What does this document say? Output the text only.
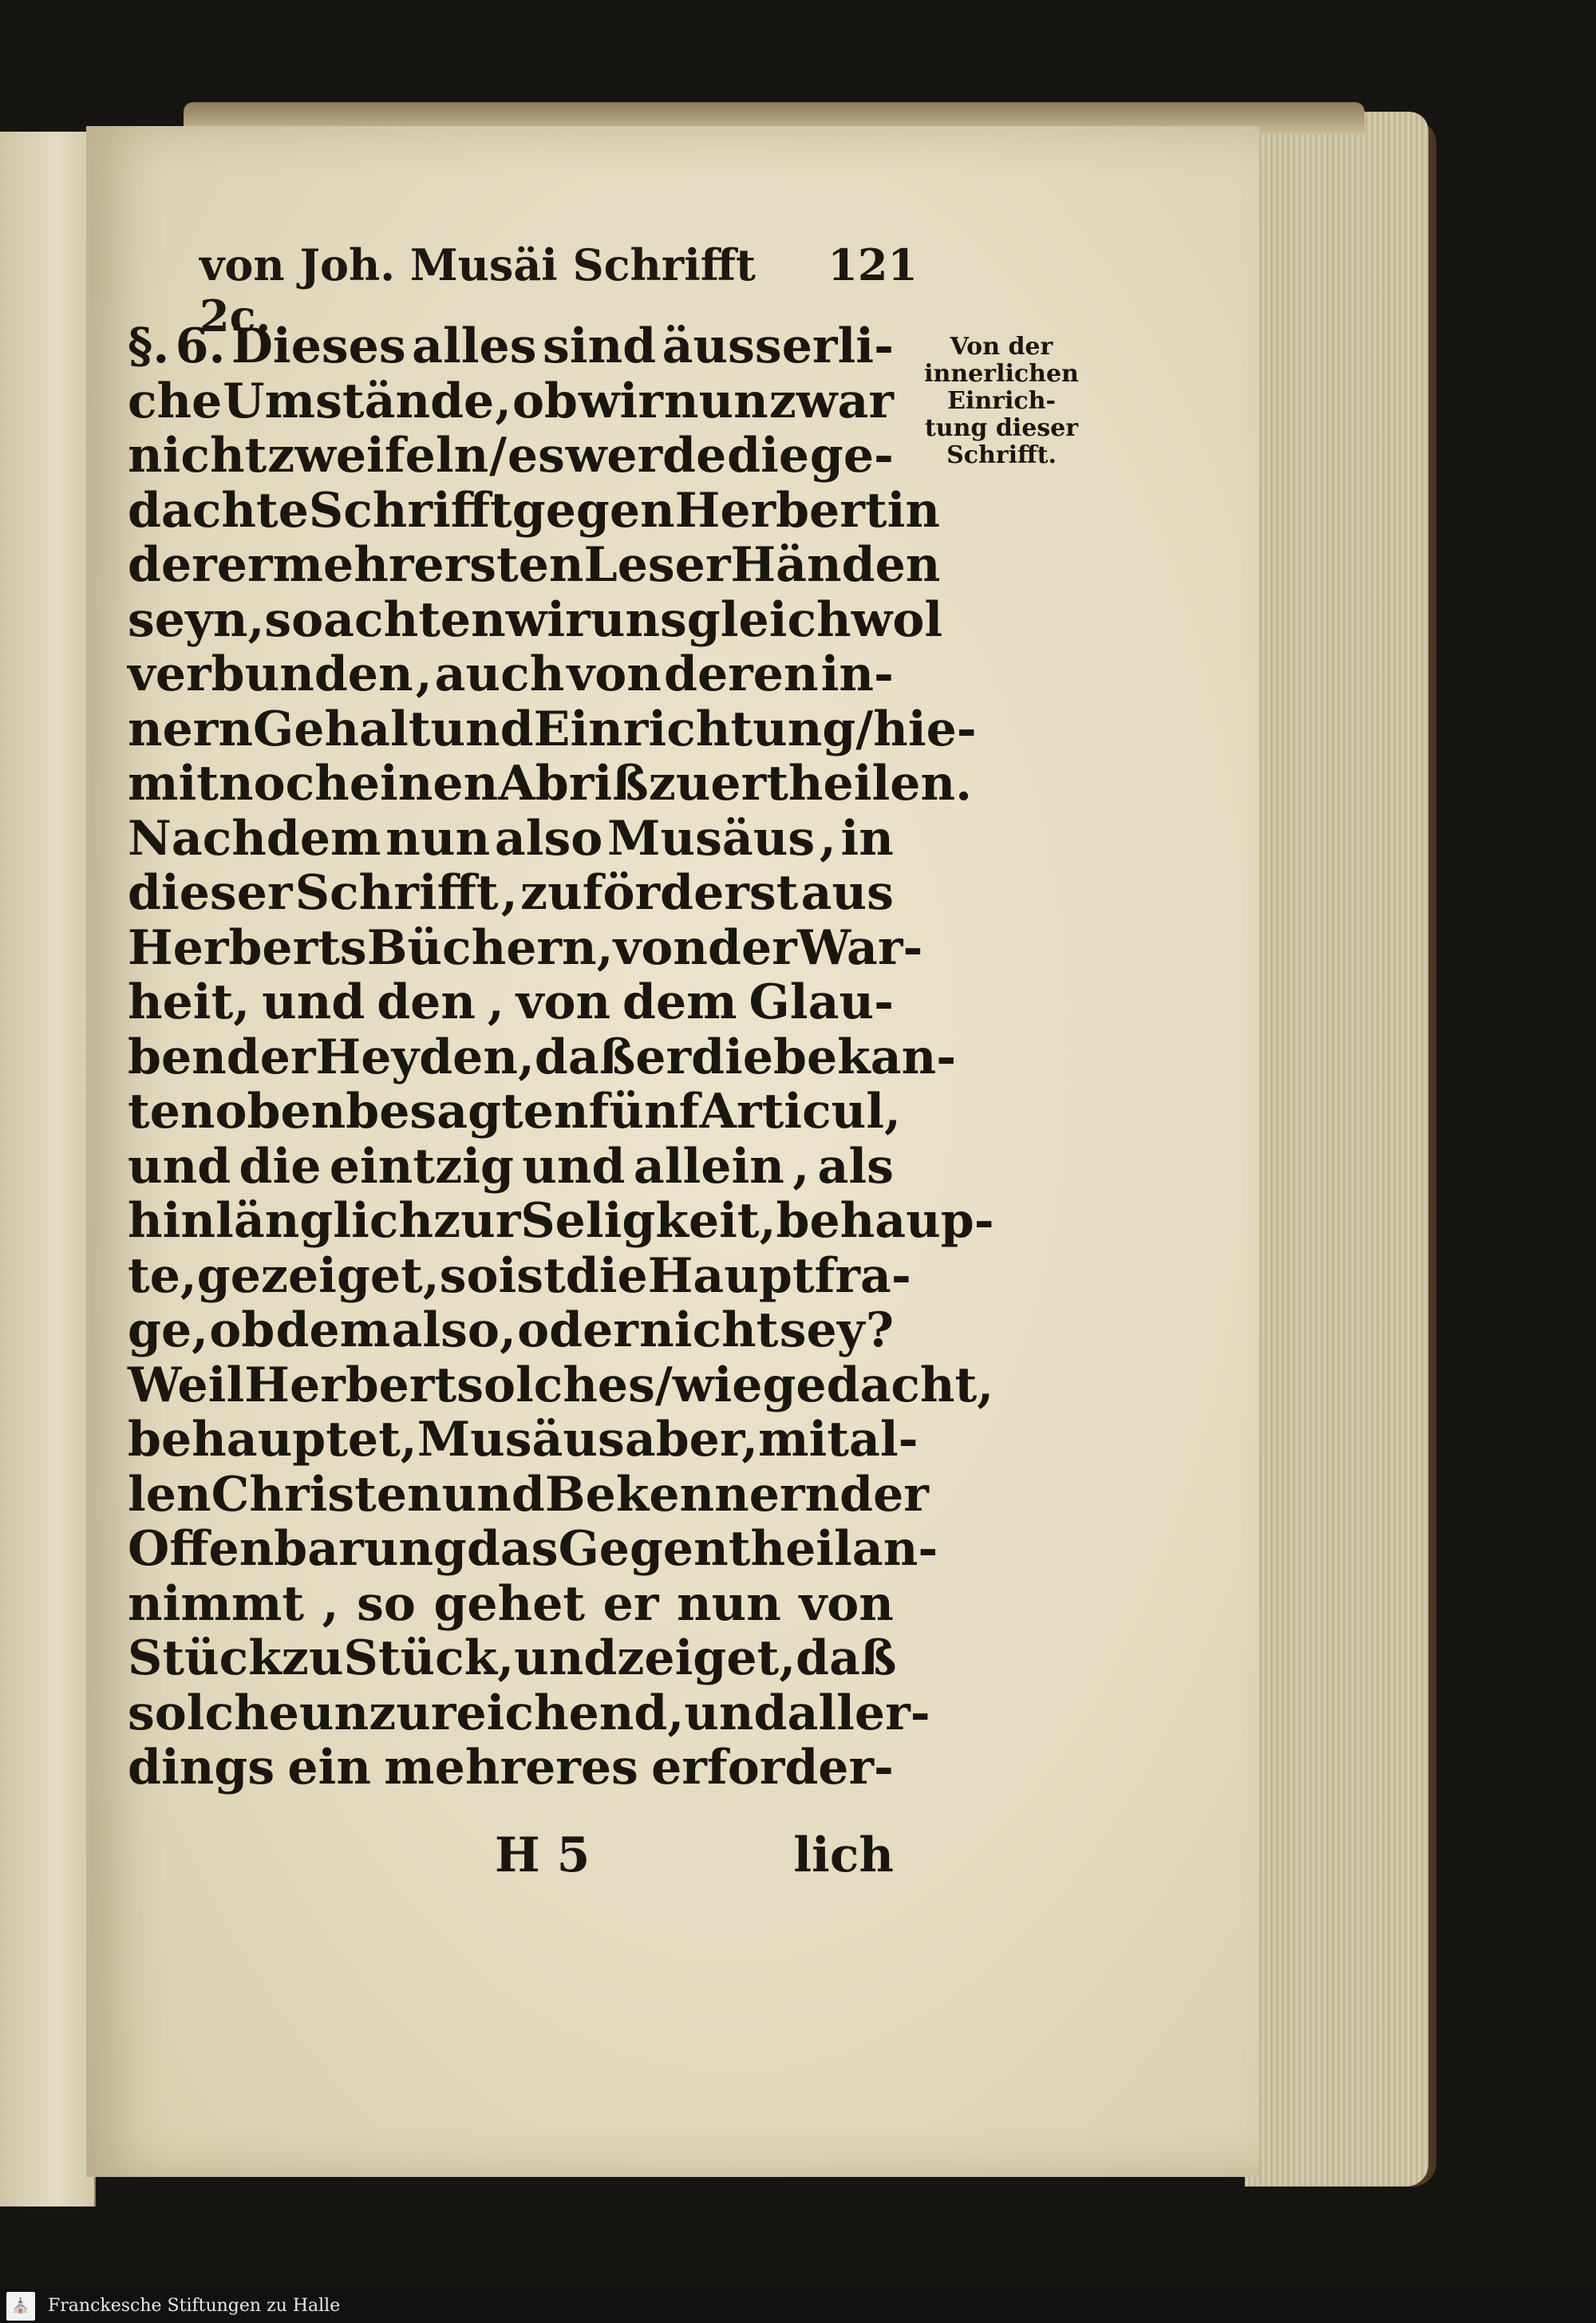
von Joh. Musäi Schrifft 2c.
121
§. 6. Dieses alles sind äusserli-
che Umstände , ob wir nun zwar
nicht zweifeln / es werde die ge-
dachte Schrifft gegen Herbert in
derer mehrersten Leser Händen
seyn , so achten wir uns gleichwol
verbunden , auch von deren in-
nern Gehalt und Einrichtung / hie-
mit noch einen Abriß zu ertheilen.
Nachdem nun also Musäus , in
dieser Schrifft , zuförderst aus
Herberts Büchern, von der War-
heit, und den , von dem Glau-
ben der Heyden, daß er die bekan-
ten oben besagten fünf Articul,
und die eintzig und allein , als
hinlänglich zur Seligkeit, behaup-
te, gezeiget, so ist die Hauptfra-
ge, ob dem also, oder nicht sey ?
Weil Herbert solches/ wie gedacht,
behauptet, Musäus aber, mit al-
len Christen und Bekennern der
Offenbarung das Gegentheil an-
nimmt , so gehet er nun von
Stück zu Stück, und zeiget , daß
solche unzureichend , und aller-
dings ein mehreres erforder-
Von der
innerlichen
Einrich-
tung dieser
Schrifft.
H 5	lich
⛪	Franckesche Stiftungen zu Halle
